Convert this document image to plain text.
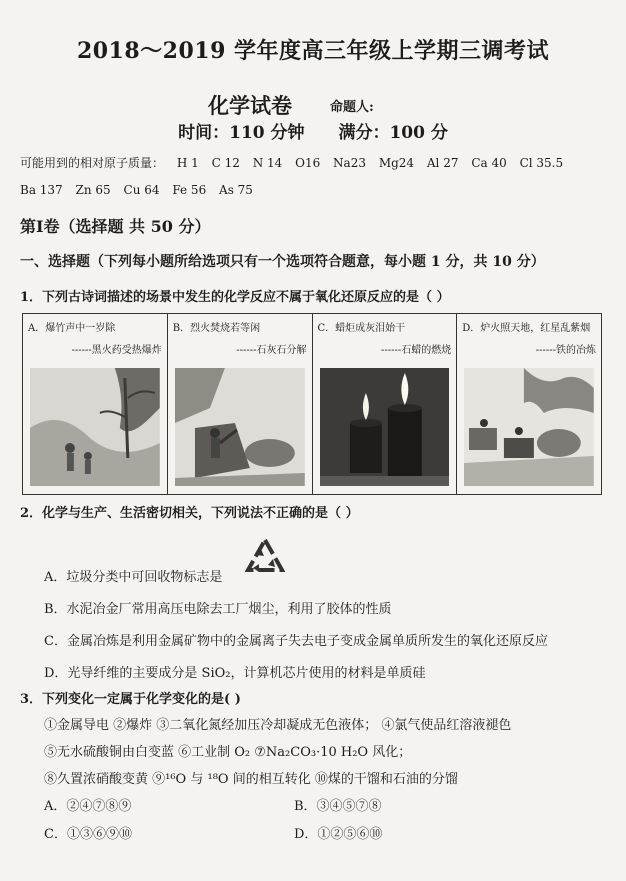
2018～2019 学年度高三年级上学期三调考试
化学试卷	命题人:
时间：110 分钟 满分：100 分
可能用到的相对原子质量： H 1 C 12 N 14 O16 Na23 Mg24 Al 27 Ca 40 Cl 35.5
Ba 137 Zn 65 Cu 64 Fe 56 As 75
第Ⅰ卷（选择题 共 50 分）
一、选择题（下列每小题所给选项只有一个选项符合题意，每小题 1 分，共 10 分）
1．下列古诗词描述的场景中发生的化学反应不属于氧化还原反应的是（ ）
A．爆竹声中一岁除
------黑火药受热爆炸
B．烈火焚烧若等闲
------石灰石分解
C．蜡炬成灰泪始干
------石蜡的燃烧
D．炉火照天地，红星乱紫烟
------铁的冶炼
2．化学与生产、生活密切相关，下列说法不正确的是（ ）
A．垃圾分类中可回收物标志是
B．水泥冶金厂常用高压电除去工厂烟尘，利用了胶体的性质
C．金属冶炼是利用金属矿物中的金属离子失去电子变成金属单质所发生的氧化还原反应
D．光导纤维的主要成分是 SiO₂，计算机芯片使用的材料是单质硅
3．下列变化一定属于化学变化的是( )
①金属导电 ②爆炸 ③二氧化氮经加压冷却凝成无色液体； ④氯气使品红溶液褪色
⑤无水硫酸铜由白变蓝 ⑥工业制 O₂ ⑦Na₂CO₃·10 H₂O 风化；
⑧久置浓硝酸变黄 ⑨¹⁶O 与 ¹⁸O 间的相互转化 ⑩煤的干馏和石油的分馏
A．②④⑦⑧⑨	B．③④⑤⑦⑧
C．①③⑥⑨⑩	D．①②⑤⑥⑩
